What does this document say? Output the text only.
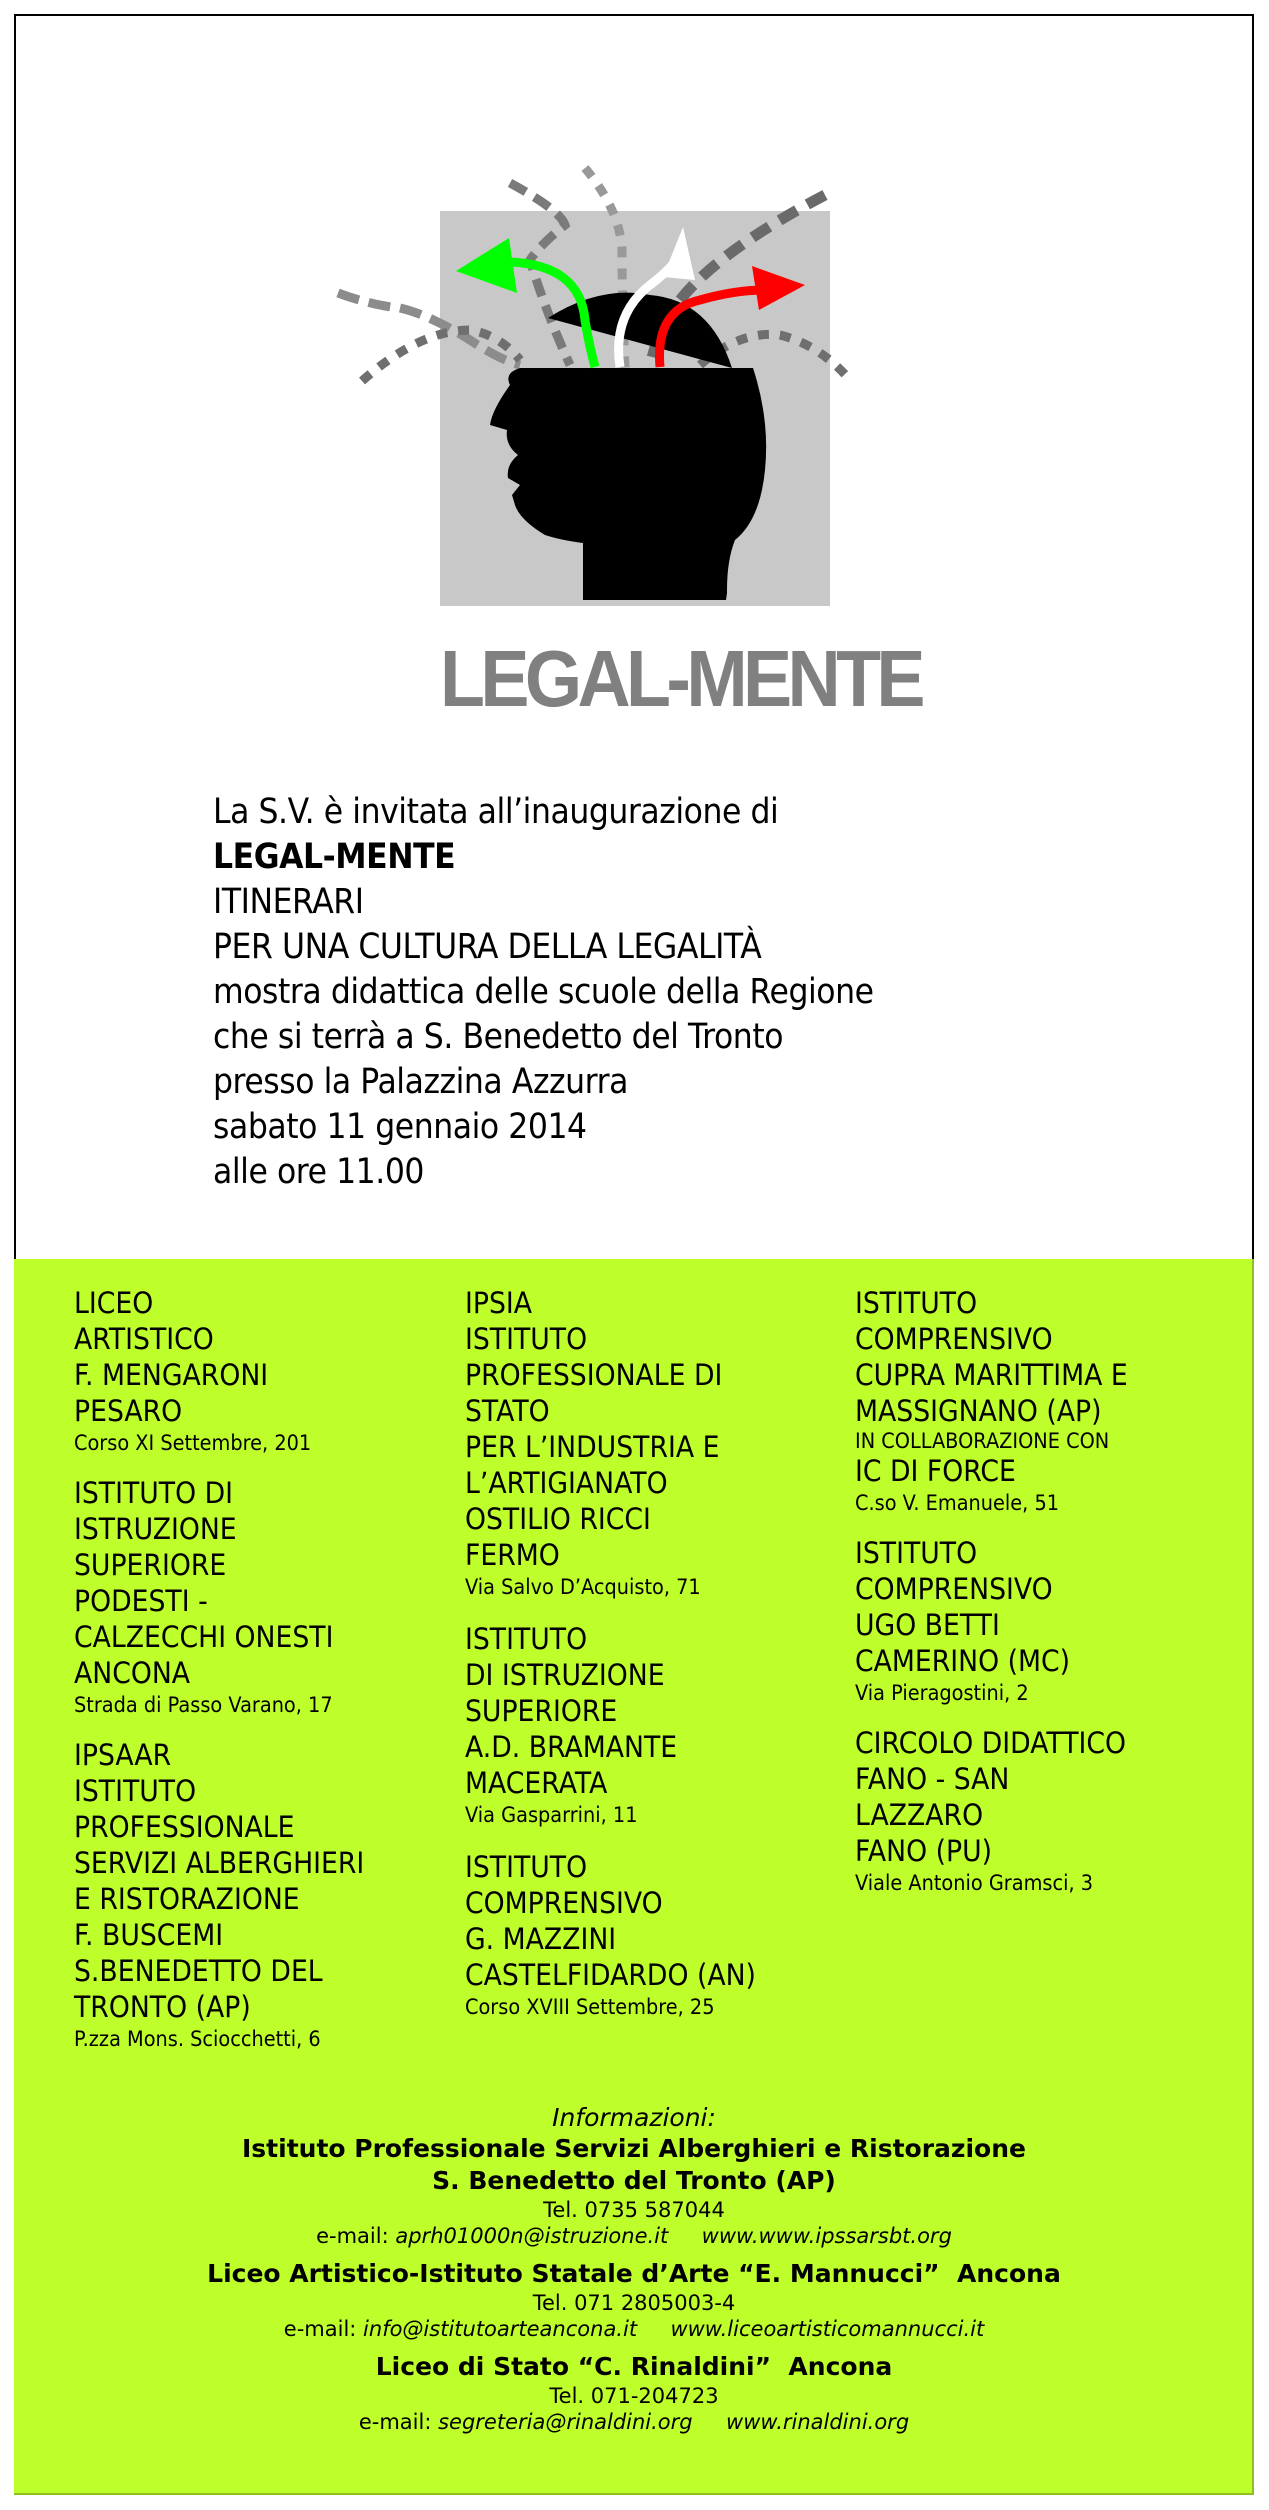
LEGAL-MENTE
La S.V. è invitata all’inaugurazione di
LEGAL-MENTE
ITINERARI
PER UNA CULTURA DELLA LEGALITÀ
mostra didattica delle scuole della Regione
che si terrà a S. Benedetto del Tronto
presso la Palazzina Azzurra
sabato 11 gennaio 2014
alle ore 11.00
LICEO
ARTISTICO
F. MENGARONI
PESARO
Corso XI Settembre, 201
ISTITUTO DI
ISTRUZIONE
SUPERIORE
PODESTI -
CALZECCHI ONESTI
ANCONA
Strada di Passo Varano, 17
IPSAAR
ISTITUTO
PROFESSIONALE
SERVIZI ALBERGHIERI
E RISTORAZIONE
F. BUSCEMI
S.BENEDETTO DEL
TRONTO (AP)
P.zza Mons. Sciocchetti, 6
IPSIA
ISTITUTO
PROFESSIONALE DI
STATO
PER L’INDUSTRIA E
L’ARTIGIANATO
OSTILIO RICCI
FERMO
Via Salvo D’Acquisto, 71
ISTITUTO
DI ISTRUZIONE
SUPERIORE
A.D. BRAMANTE
MACERATA
Via Gasparrini, 11
ISTITUTO
COMPRENSIVO
G. MAZZINI
CASTELFIDARDO (AN)
Corso XVIII Settembre, 25
ISTITUTO
COMPRENSIVO
CUPRA MARITTIMA E
MASSIGNANO (AP)
IN COLLABORAZIONE CON
IC DI FORCE
C.so V. Emanuele, 51
ISTITUTO
COMPRENSIVO
UGO BETTI
CAMERINO (MC)
Via Pieragostini, 2
CIRCOLO DIDATTICO
FANO - SAN
LAZZARO
FANO (PU)
Viale Antonio Gramsci, 3
Informazioni:
Istituto Professionale Servizi Alberghieri e Ristorazione
S. Benedetto del Tronto (AP)
Tel. 0735 587044
e-mail: aprh01000n@istruzione.it www.www.ipssarsbt.org
Liceo Artistico-Istituto Statale d’Arte “E. Mannucci”  Ancona
Tel. 071 2805003-4
e-mail: info@istitutoarteancona.it www.liceoartisticomannucci.it
Liceo di Stato “C. Rinaldini”  Ancona
Tel. 071-204723
e-mail: segreteria@rinaldini.org www.rinaldini.org
